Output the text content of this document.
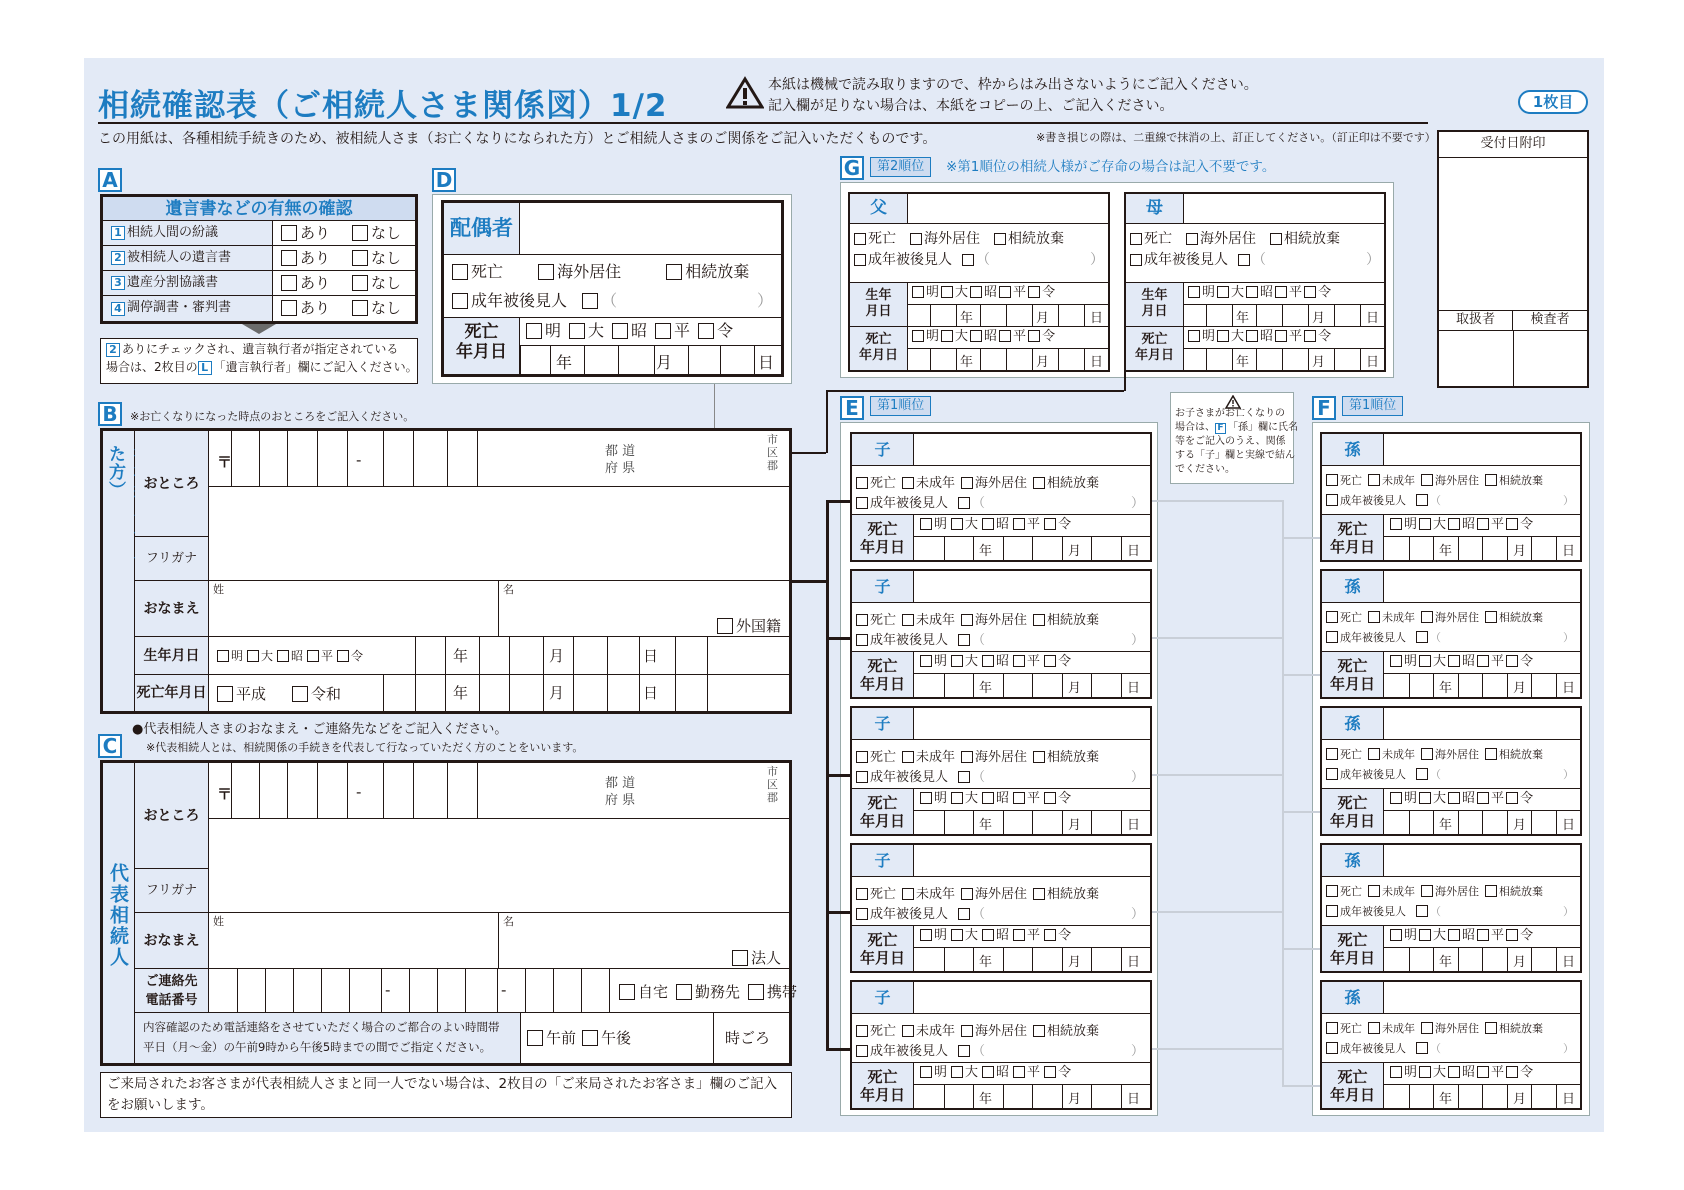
相続確認表（ご相続人さま関係図）1/2
本紙は機械で読み取りますので、枠からはみ出さないようにご記入ください。
記入欄が足りない場合は、本紙をコピーの上、ご記入ください。	1枚目
この用紙は、各種相続手続きのため、被相続人さま（お亡くなりになられた方）とご相続人さまのご関係をご記入いただくものです。	※書き損じの際は、二重線で抹消の上、訂正してください。（訂正印は不要です）	受付日附印
取扱者	検査者
A
遺言書などの有無の確認
1 相続人間の紛議	あり	なし
2 被相続人の遺言書	あり	なし
3 遺産分割協議書	あり	なし
4 調停調書・審判書	あり	なし
2 ありにチェックされ、遺言執行者が指定されている
場合は、2枚目の L 「遺言執行者」欄にご記入ください。
D
配偶者
死亡	海外居住	相続放棄
成年被後見人 （	）
死亡
年月日
明 大 昭 平 令
年	月	日
B	※お亡くなりになった時点のおところをご記入ください。
た方）	おところ
〒	-	都 道
府 県
市
区
郡
フリガナ
おなまえ
姓	名
外国籍
生年月日	明 大 昭 平 令	年	月	日
死亡年月日	平成	令和	年	月	日
●代表相続人さまのおなまえ・ご連絡先などをご記入ください。
※代表相続人とは、相続関係の手続きを代表して行なっていただく方のことをいいます。
C
代表相続人
おところ
〒	-	都 道
府 県
市
区
郡
フリガナ
おなまえ
姓	名
法人
ご連絡先
電話番号
-	-	自宅 勤務先 携帯
内容確認のため電話連絡をさせていただく場合のご都合のよい時間帯
平日（月～金）の午前9時から午後5時までの間でご指定ください。	午前 午後	時ごろ
ご来局されたお客さまが代表相続人さまと同一人でない場合は、2枚目の「ご来局されたお客さま」欄のご記入
をお願いします。
G	第2順位	※第1順位の相続人様がご存命の場合は記入不要です。
父
死亡 海外居住 相続放棄
成年被後見人 （	）
生年
月日
明 大 昭 平 令
年	月	日
死亡
年月日
明 大 昭 平 令
年	月	日
母
死亡 海外居住 相続放棄
成年被後見人 （	）
生年
月日
明 大 昭 平 令
年	月	日
死亡
年月日
明 大 昭 平 令
年	月	日
E	第1順位
お子さまがお亡くなりの
場合は、 F 「孫」欄に氏名
等をご記入のうえ、関係
する「子」欄と実線で結ん
でください。
F	第1順位
子
死亡 未成年 海外居住 相続放棄
成年被後見人 （	）
死亡
年月日
明 大 昭 平 令
年	月	日
孫
死亡 未成年 海外居住 相続放棄
成年被後見人 （	）
死亡
年月日
明 大 昭 平 令
年	月	日
子
死亡 未成年 海外居住 相続放棄
成年被後見人 （	）
死亡
年月日
明 大 昭 平 令
年	月	日
孫
死亡 未成年 海外居住 相続放棄
成年被後見人 （	）
死亡
年月日
明 大 昭 平 令
年	月	日
子
死亡 未成年 海外居住 相続放棄
成年被後見人 （	）
死亡
年月日
明 大 昭 平 令
年	月	日
孫
死亡 未成年 海外居住 相続放棄
成年被後見人 （	）
死亡
年月日
明 大 昭 平 令
年	月	日
子
死亡 未成年 海外居住 相続放棄
成年被後見人 （	）
死亡
年月日
明 大 昭 平 令
年	月	日
孫
死亡 未成年 海外居住 相続放棄
成年被後見人 （	）
死亡
年月日
明 大 昭 平 令
年	月	日
子
死亡 未成年 海外居住 相続放棄
成年被後見人 （	）
死亡
年月日
明 大 昭 平 令
年	月	日
孫
死亡 未成年 海外居住 相続放棄
成年被後見人 （	）
死亡
年月日
明 大 昭 平 令
年	月	日
